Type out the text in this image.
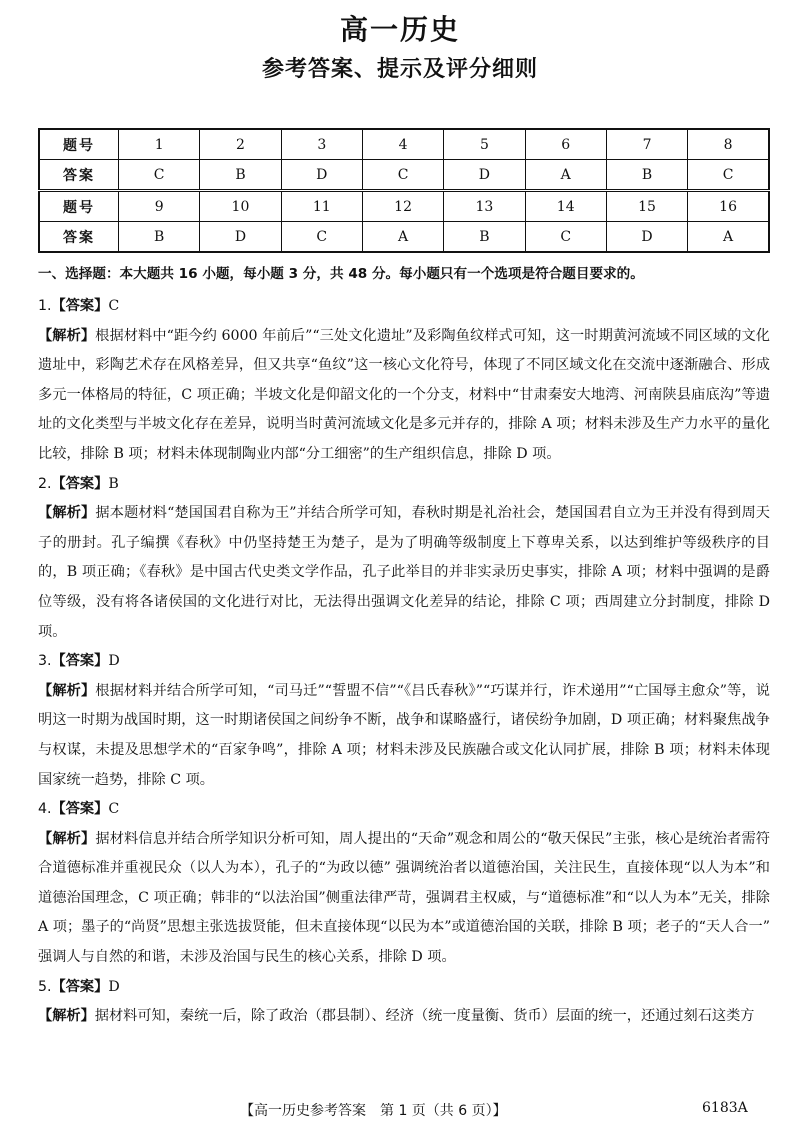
高一历史
参考答案、提示及评分细则
题号	1	2	3	4	5	6	7	8
答案	C	B	D	C	D	A	B	C
题号	9	10	11	12	13	14	15	16
答案	B	D	C	A	B	C	D	A
一、选择题：本大题共 16 小题，每小题 3 分，共 48 分。每小题只有一个选项是符合题目要求的。

1.【答案】C

【解析】根据材料中“距今约 6000 年前后”“三处文化遗址”及彩陶鱼纹样式可知，这一时期黄河流域不同区域的文化遗址中，彩陶艺术存在风格差异，但又共享“鱼纹”这一核心文化符号，体现了不同区域文化在交流中逐渐融合、形成多元一体格局的特征，C 项正确；半坡文化是仰韶文化的一个分支，材料中“甘肃秦安大地湾、河南陕县庙底沟”等遗址的文化类型与半坡文化存在差异，说明当时黄河流域文化是多元并存的，排除 A 项；材料未涉及生产力水平的量化比较，排除 B 项；材料未体现制陶业内部“分工细密”的生产组织信息，排除 D 项。

2.【答案】B

【解析】据本题材料“楚国国君自称为王”并结合所学可知，春秋时期是礼治社会，楚国国君自立为王并没有得到周天子的册封。孔子编撰《春秋》中仍坚持楚王为楚子，是为了明确等级制度上下尊卑关系，以达到维护等级秩序的目的，B 项正确；《春秋》是中国古代史类文学作品，孔子此举目的并非实录历史事实，排除 A 项；材料中强调的是爵位等级，没有将各诸侯国的文化进行对比，无法得出强调文化差异的结论，排除 C 项；西周建立分封制度，排除 D 项。

3.【答案】D

【解析】根据材料并结合所学可知，“司马迁”“誓盟不信”“《吕氏春秋》”“巧谋并行，诈术递用”“亡国辱主愈众”等，说明这一时期为战国时期，这一时期诸侯国之间纷争不断，战争和谋略盛行，诸侯纷争加剧，D 项正确；材料聚焦战争与权谋，未提及思想学术的“百家争鸣”，排除 A 项；材料未涉及民族融合或文化认同扩展，排除 B 项；材料未体现国家统一趋势，排除 C 项。

4.【答案】C

【解析】据材料信息并结合所学知识分析可知，周人提出的“天命”观念和周公的“敬天保民”主张，核心是统治者需符合道德标准并重视民众（以人为本），孔子的“为政以德” 强调统治者以道德治国，关注民生，直接体现“以人为本”和道德治国理念，C 项正确；韩非的“以法治国”侧重法律严苛，强调君主权威，与“道德标准”和“以人为本”无关，排除 A 项；墨子的“尚贤”思想主张选拔贤能，但未直接体现“以民为本”或道德治国的关联，排除 B 项；老子的“天人合一” 强调人与自然的和谐，未涉及治国与民生的核心关系，排除 D 项。

5.【答案】D

【解析】据材料可知，秦统一后，除了政治（郡县制）、经济（统一度量衡、货币）层面的统一，还通过刻石这类方

【高一历史参考答案　第 1 页（共 6 页）】	6183A
